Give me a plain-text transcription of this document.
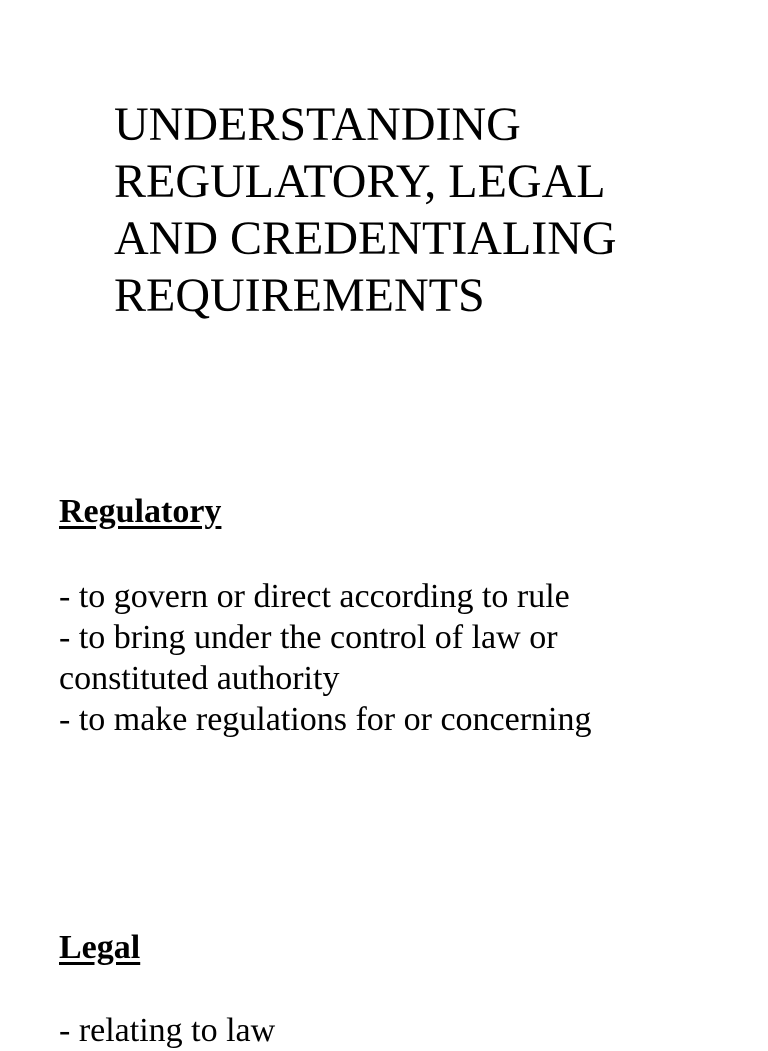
UNDERSTANDING
REGULATORY, LEGAL
AND CREDENTIALING
REQUIREMENTS
Regulatory
- to govern or direct according to rule
- to bring under the control of law or
constituted authority
- to make regulations for or concerning
Legal
- relating to law
